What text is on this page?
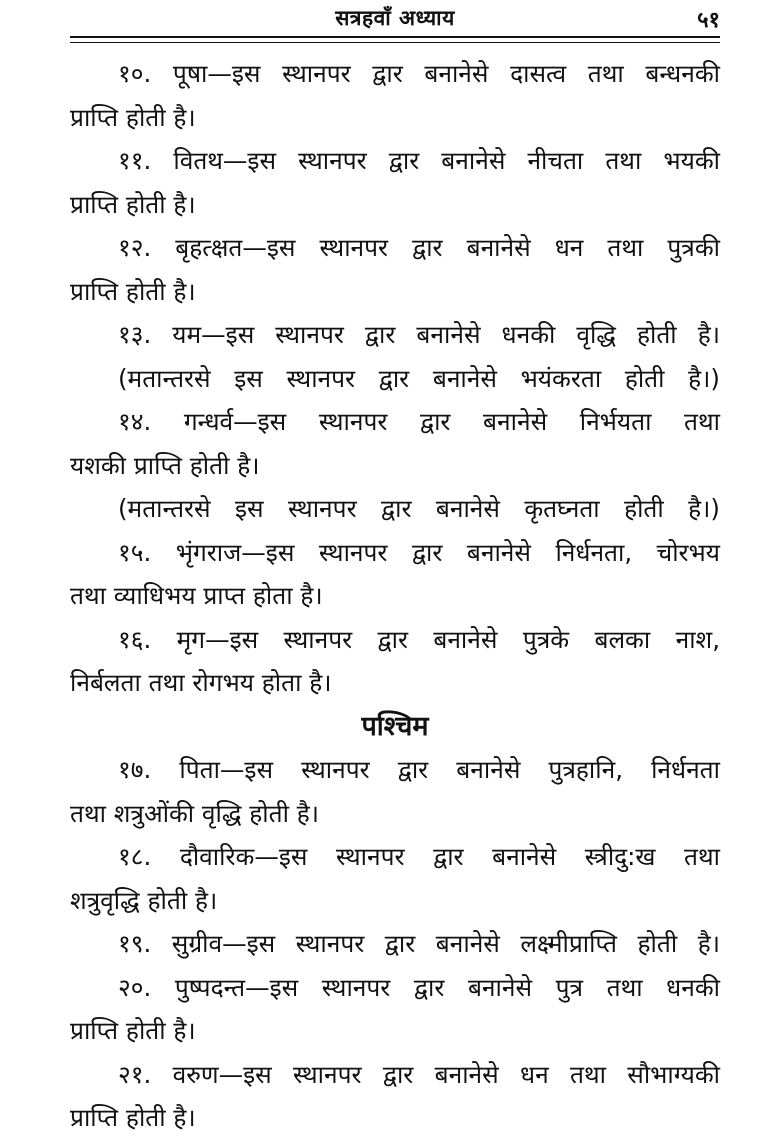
सत्रहवाँ अध्याय	५१
१०. पूषा—इस स्थानपर द्वार बनानेसे दासत्व तथा बन्धनकी
प्राप्ति होती है।
११. वितथ—इस स्थानपर द्वार बनानेसे नीचता तथा भयकी
प्राप्ति होती है।
१२. बृहत्क्षत—इस स्थानपर द्वार बनानेसे धन तथा पुत्रकी
प्राप्ति होती है।
१३. यम—इस स्थानपर द्वार बनानेसे धनकी वृद्धि होती है।
(मतान्तरसे इस स्थानपर द्वार बनानेसे भयंकरता होती है।)
१४. गन्धर्व—इस स्थानपर द्वार बनानेसे निर्भयता तथा
यशकी प्राप्ति होती है।
(मतान्तरसे इस स्थानपर द्वार बनानेसे कृतघ्नता होती है।)
१५. भृंगराज—इस स्थानपर द्वार बनानेसे निर्धनता, चोरभय
तथा व्याधिभय प्राप्त होता है।
१६. मृग—इस स्थानपर द्वार बनानेसे पुत्रके बलका नाश,
निर्बलता तथा रोगभय होता है।
पश्चिम
१७. पिता—इस स्थानपर द्वार बनानेसे पुत्रहानि, निर्धनता
तथा शत्रुओंकी वृद्धि होती है।
१८. दौवारिक—इस स्थानपर द्वार बनानेसे स्त्रीदु:ख तथा
शत्रुवृद्धि होती है।
१९. सुग्रीव—इस स्थानपर द्वार बनानेसे लक्ष्मीप्राप्ति होती है।
२०. पुष्पदन्त—इस स्थानपर द्वार बनानेसे पुत्र तथा धनकी
प्राप्ति होती है।
२१. वरुण—इस स्थानपर द्वार बनानेसे धन तथा सौभाग्यकी
प्राप्ति होती है।
